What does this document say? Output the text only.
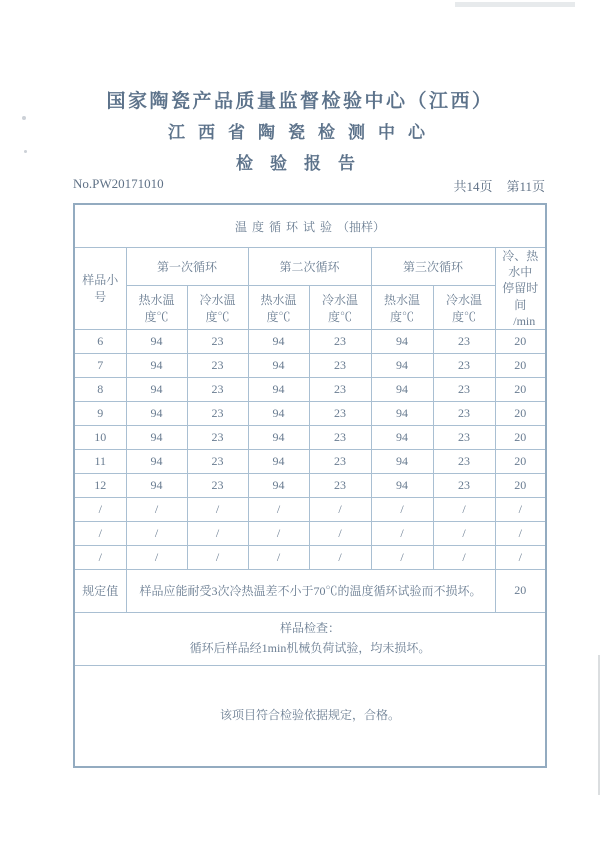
国家陶瓷产品质量监督检验中心（江西）
江西省陶瓷检测中心
检验报告
No.PW20171010	共14页 第11页
温度循环试验（抽样）							
样品小号	第一次循环		第二次循环		第三次循环		冷、热水中
停留时间
/min

	热水温度℃	冷水温度℃	热水温度℃	冷水温度℃	热水温度℃	冷水温度℃	
6	94	23	94	23	94	23	20
7	94	23	94	23	94	23	20
8	94	23	94	23	94	23	20
9	94	23	94	23	94	23	20
10	94	23	94	23	94	23	20
11	94	23	94	23	94	23	20
12	94	23	94	23	94	23	20
/	/	/	/	/	/	/	/
/	/	/	/	/	/	/	/
/	/	/	/	/	/	/	/
规定值	样品应能耐受3次冷热温差不小于70℃的温度循环试验而不损坏。						20

样品检查：
循环后样品经1min机械负荷试验，均未损坏。							

该项目符合检验依据规定，合格。							
